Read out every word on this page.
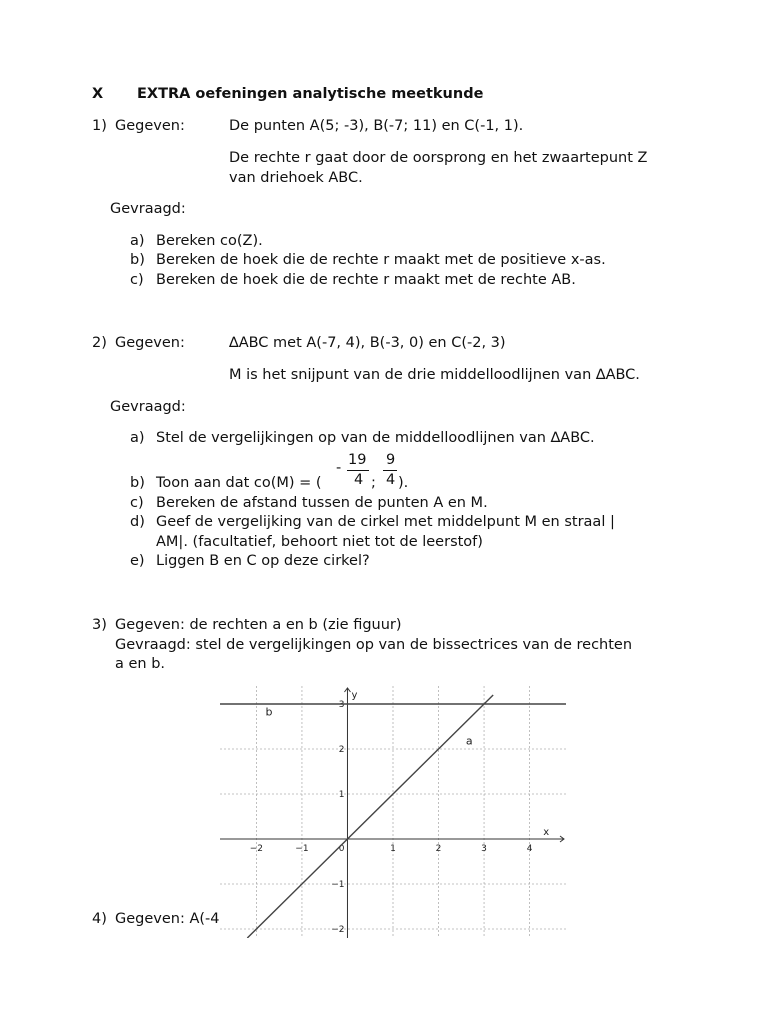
X EXTRA oefeningen analytische meetkunde
1) Gegeven:	De punten A(5; -3), B(-7; 11) en C(-1, 1).
De rechte r gaat door de oorsprong en het zwaartepunt Z
van driehoek ABC.
Gevraagd:
a) Bereken co(Z).
b) Bereken de hoek die de rechte r maakt met de positieve x-as.
c) Bereken de hoek die de rechte r maakt met de rechte AB.
2) Gegeven:	∆ABC met A(-7, 4), B(-3, 0) en C(-2, 3)
M is het snijpunt van de drie middelloodlijnen van ∆ABC.
Gevraagd:
a) Stel de vergelijkingen op van de middelloodlijnen van ∆ABC.
b) Toon aan dat co(M) = (
- 19
4 ;
9
4 ).
c) Bereken de afstand tussen de punten A en M.
d) Geef de vergelijking van de cirkel met middelpunt M en straal |
AM|. (facultatief, behoort niet tot de leerstof)
e) Liggen B en C op deze cirkel?
3) Gegeven: de rechten a en b (zie figuur)
Gevraagd: stel de vergelijkingen op van de bissectrices van de rechten
a en b.
4) Gegeven: A(-4
−2	−1	1	2	3	4
−2
−1
1
2
3
0
x
y
b
a
